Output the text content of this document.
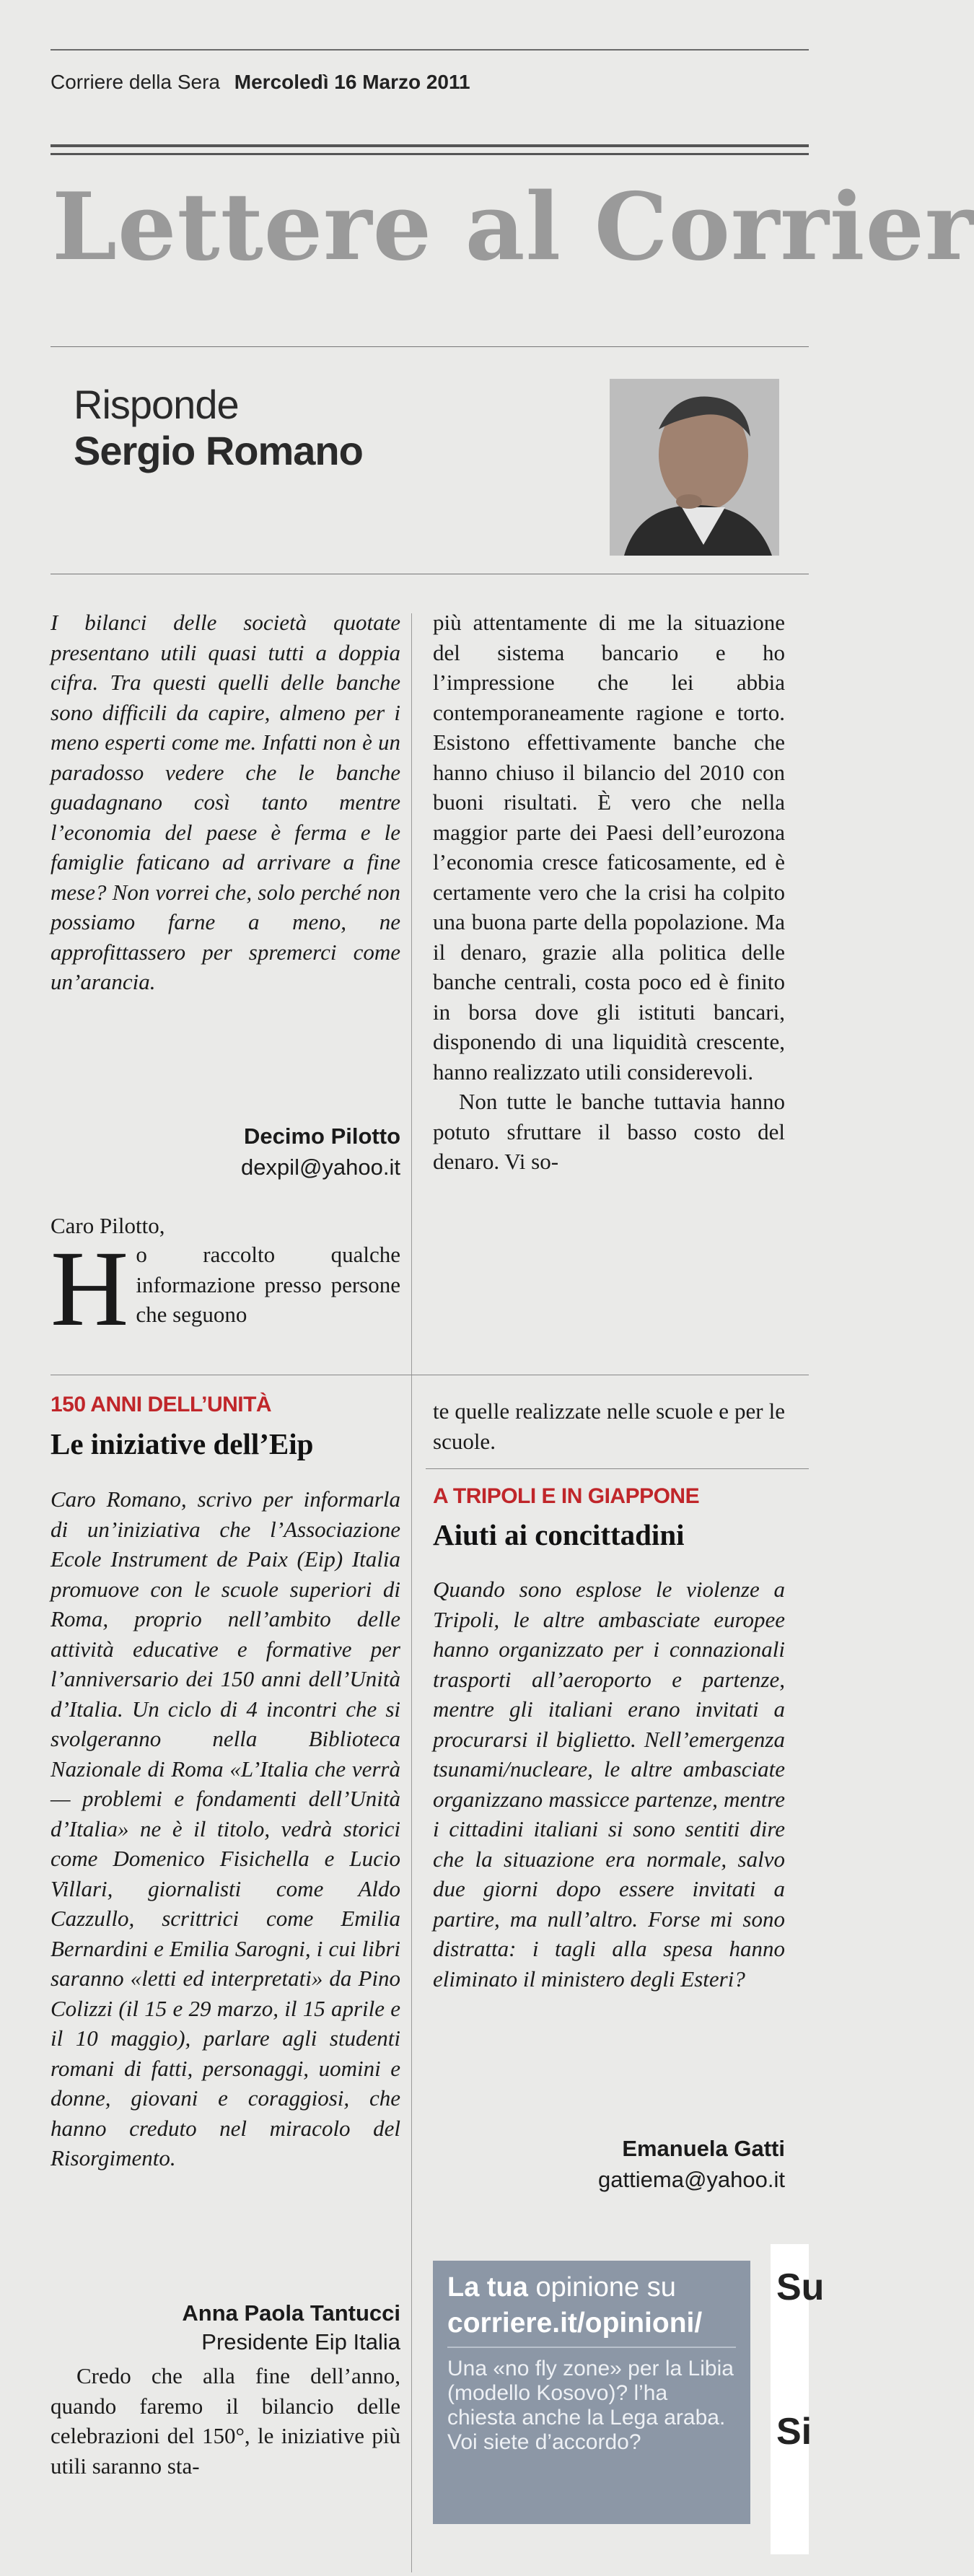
Corriere della Sera Mercoledì 16 Marzo 2011
Lettere al Corrier
Risponde
Sergio Romano
I bilanci delle società quotate presentano utili quasi tutti a doppia cifra. Tra questi quelli delle banche sono difficili da capire, almeno per i meno esperti come me. Infatti non è un paradosso vedere che le banche guadagnano così tanto mentre l’economia del paese è ferma e le famiglie faticano ad arrivare a fine mese? Non vorrei che, solo perché non possiamo farne a meno, ne approfittassero per spremerci come un’arancia.
Decimo Pilotto
dexpil@yahoo.it
Caro Pilotto,
H o raccolto qualche informazione presso persone che seguono
più attentamente di me la situazione del sistema bancario e ho l’impressione che lei abbia contemporaneamente ragione e torto. Esistono effettivamente banche che hanno chiuso il bilancio del 2010 con buoni risultati. È vero che nella maggior parte dei Paesi dell’eurozona l’economia cresce faticosamente, ed è certamente vero che la crisi ha colpito una buona parte della popolazione. Ma il denaro, grazie alla politica delle banche centrali, costa poco ed è finito in borsa dove gli istituti bancari, disponendo di una liquidità crescente, hanno realizzato utili considerevoli.
Non tutte le banche tuttavia hanno potuto sfruttare il basso costo del denaro. Vi so-
150 ANNI DELL’UNITÀ
Le iniziative dell’Eip
Caro Romano, scrivo per informarla di un’iniziativa che l’Associazione Ecole Instrument de Paix (Eip) Italia promuove con le scuole superiori di Roma, proprio nell’ambito delle attività educative e formative per l’anniversario dei 150 anni dell’Unità d’Italia. Un ciclo di 4 incontri che si svolgeranno nella Biblioteca Nazionale di Roma «L’Italia che verrà — problemi e fondamenti dell’Unità d’Italia» ne è il titolo, vedrà storici come Domenico Fisichella e Lucio Villari, giornalisti come Aldo Cazzullo, scrittrici come Emilia Bernardini e Emilia Sarogni, i cui libri saranno «letti ed interpretati» da Pino Colizzi (il 15 e 29 marzo, il 15 aprile e il 10 maggio), parlare agli studenti romani di fatti, personaggi, uomini e donne, giovani e coraggiosi, che hanno creduto nel miracolo del Risorgimento.
Anna Paola Tantucci
Presidente Eip Italia
Credo che alla fine dell’anno, quando faremo il bilancio delle celebrazioni del 150°, le iniziative più utili saranno sta-
te quelle realizzate nelle scuole e per le scuole.
A TRIPOLI E IN GIAPPONE
Aiuti ai concittadini
Quando sono esplose le violenze a Tripoli, le altre ambasciate europee hanno organizzato per i connazionali trasporti all’aeroporto e partenze, mentre gli italiani erano invitati a procurarsi il biglietto. Nell’emergenza tsunami/nucleare, le altre ambasciate organizzano massicce partenze, mentre i cittadini italiani si sono sentiti dire che la situazione era normale, salvo due giorni dopo essere invitati a partire, ma null’altro. Forse mi sono distratta: i tagli alla spesa hanno eliminato il ministero degli Esteri?
Emanuela Gatti
gattiema@yahoo.it
La tua opinione su
corriere.it/opinioni/
Una «no fly zone» per la Libia (modello Kosovo)? l’ha chiesta anche la Lega araba. Voi siete d’accordo?
Su
Si
